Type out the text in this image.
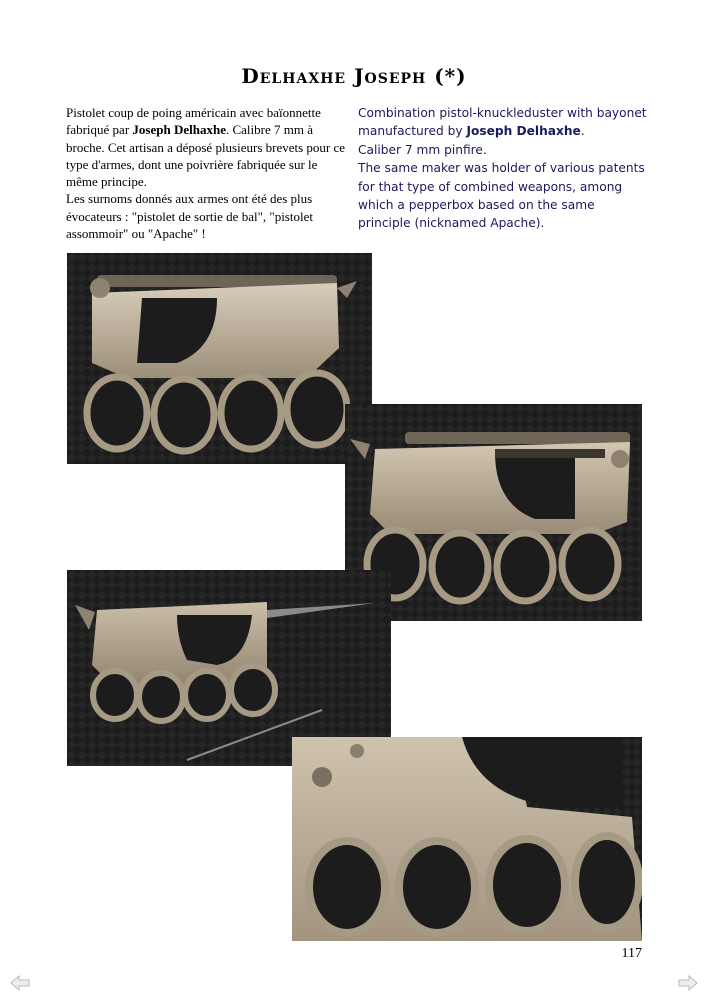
Delhaxhe Joseph (*)

Pistolet coup de poing américain avec baïonnette fabriqué par Joseph Delhaxhe. Calibre 7 mm à broche. Cet artisan a déposé plusieurs brevets pour ce type d'armes, dont une poivrière fabriquée sur le même principe.

Les surnoms donnés aux armes ont été des plus évocateurs : "pistolet de sortie de bal", "pistolet assommoir" ou "Apache" !

Combination pistol-knuckleduster with bayonet manufactured by Joseph Delhaxhe.

Caliber 7 mm pinfire.

The same maker was holder of various patents for that type of combined weapons, among which a pepperbox based on the same principle (nicknamed Apache).

117
